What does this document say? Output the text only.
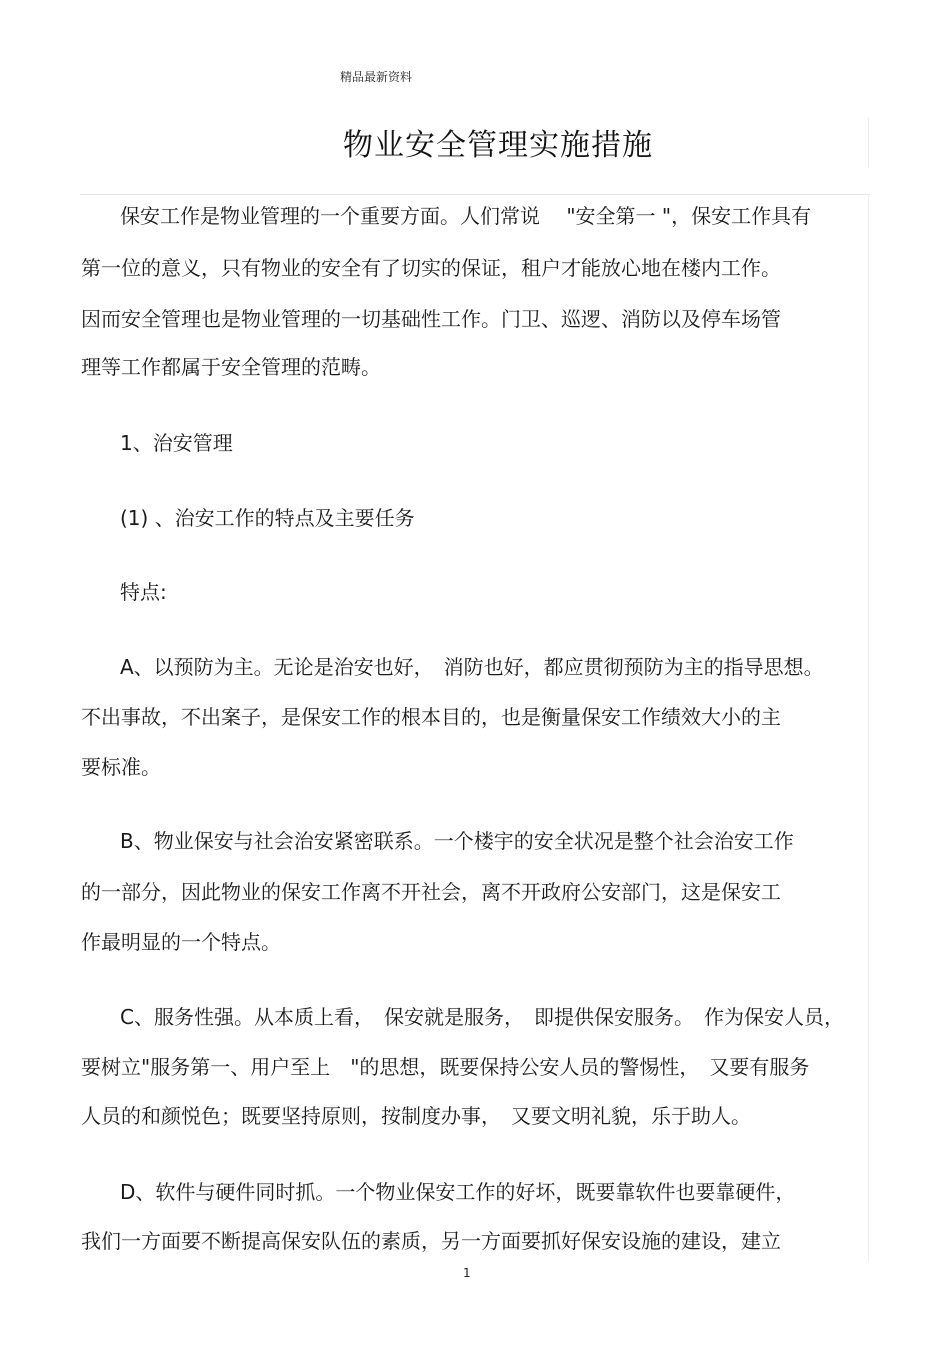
精品最新资料
物业安全管理实施措施
保安工作是物业管理的一个重要方面。人们常说　 "安全第一 "，保安工作具有
第一位的意义，只有物业的安全有了切实的保证，租户才能放心地在楼内工作。
因而安全管理也是物业管理的一切基础性工作。门卫、巡逻、消防以及停车场管
理等工作都属于安全管理的范畴。
1、治安管理
(1) 、治安工作的特点及主要任务
特点:
A、以预防为主。无论是治安也好，　消防也好，都应贯彻预防为主的指导思想。
不出事故，不出案子，是保安工作的根本目的，也是衡量保安工作绩效大小的主
要标准。
B、物业保安与社会治安紧密联系。一个楼宇的安全状况是整个社会治安工作
的一部分，因此物业的保安工作离不开社会，离不开政府公安部门，这是保安工
作最明显的一个特点。
C、服务性强。从本质上看，　保安就是服务，　即提供保安服务。　作为保安人员，
要树立"服务第一、用户至上　"的思想，既要保持公安人员的警惕性，　又要有服务
人员的和颜悦色；既要坚持原则，按制度办事，　又要文明礼貌，乐于助人。
D、软件与硬件同时抓。一个物业保安工作的好坏，既要靠软件也要靠硬件，
我们一方面要不断提高保安队伍的素质，另一方面要抓好保安设施的建设，建立
1
